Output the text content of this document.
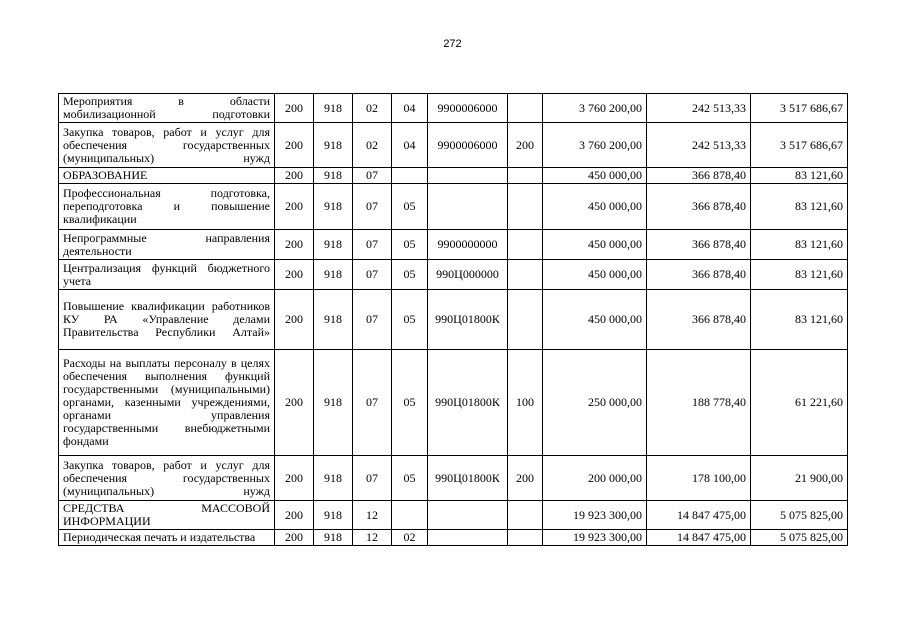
272
Мероприятия в области мобилизационной подготовки	200	918	02	04	9900006000		3 760 200,00	242 513,33	3 517 686,67
Закупка товаров, работ и услуг для обеспечения государственных (муниципальных) нужд	200	918	02	04	9900006000	200	3 760 200,00	242 513,33	3 517 686,67
ОБРАЗОВАНИЕ	200	918	07				450 000,00	366 878,40	83 121,60
Профессиональная подготовка, переподготовка и повышение квалификации	200	918	07	05			450 000,00	366 878,40	83 121,60
Непрограммные направления деятельности	200	918	07	05	9900000000		450 000,00	366 878,40	83 121,60
Централизация функций бюджетного учета	200	918	07	05	990Ц000000		450 000,00	366 878,40	83 121,60
Повышение квалификации работников КУ РА «Управление делами Правительства Республики Алтай»	200	918	07	05	990Ц01800К		450 000,00	366 878,40	83 121,60
Расходы на выплаты персоналу в целях обеспечения выполнения функций государственными (муниципальными) органами, казенными учреждениями, органами управления государственными внебюджетными фондами	200	918	07	05	990Ц01800К	100	250 000,00	188 778,40	61 221,60
Закупка товаров, работ и услуг для обеспечения государственных (муниципальных) нужд	200	918	07	05	990Ц01800К	200	200 000,00	178 100,00	21 900,00
СРЕДСТВА МАССОВОЙ ИНФОРМАЦИИ	200	918	12				19 923 300,00	14 847 475,00	5 075 825,00
Периодическая печать и издательства	200	918	12	02			19 923 300,00	14 847 475,00	5 075 825,00
